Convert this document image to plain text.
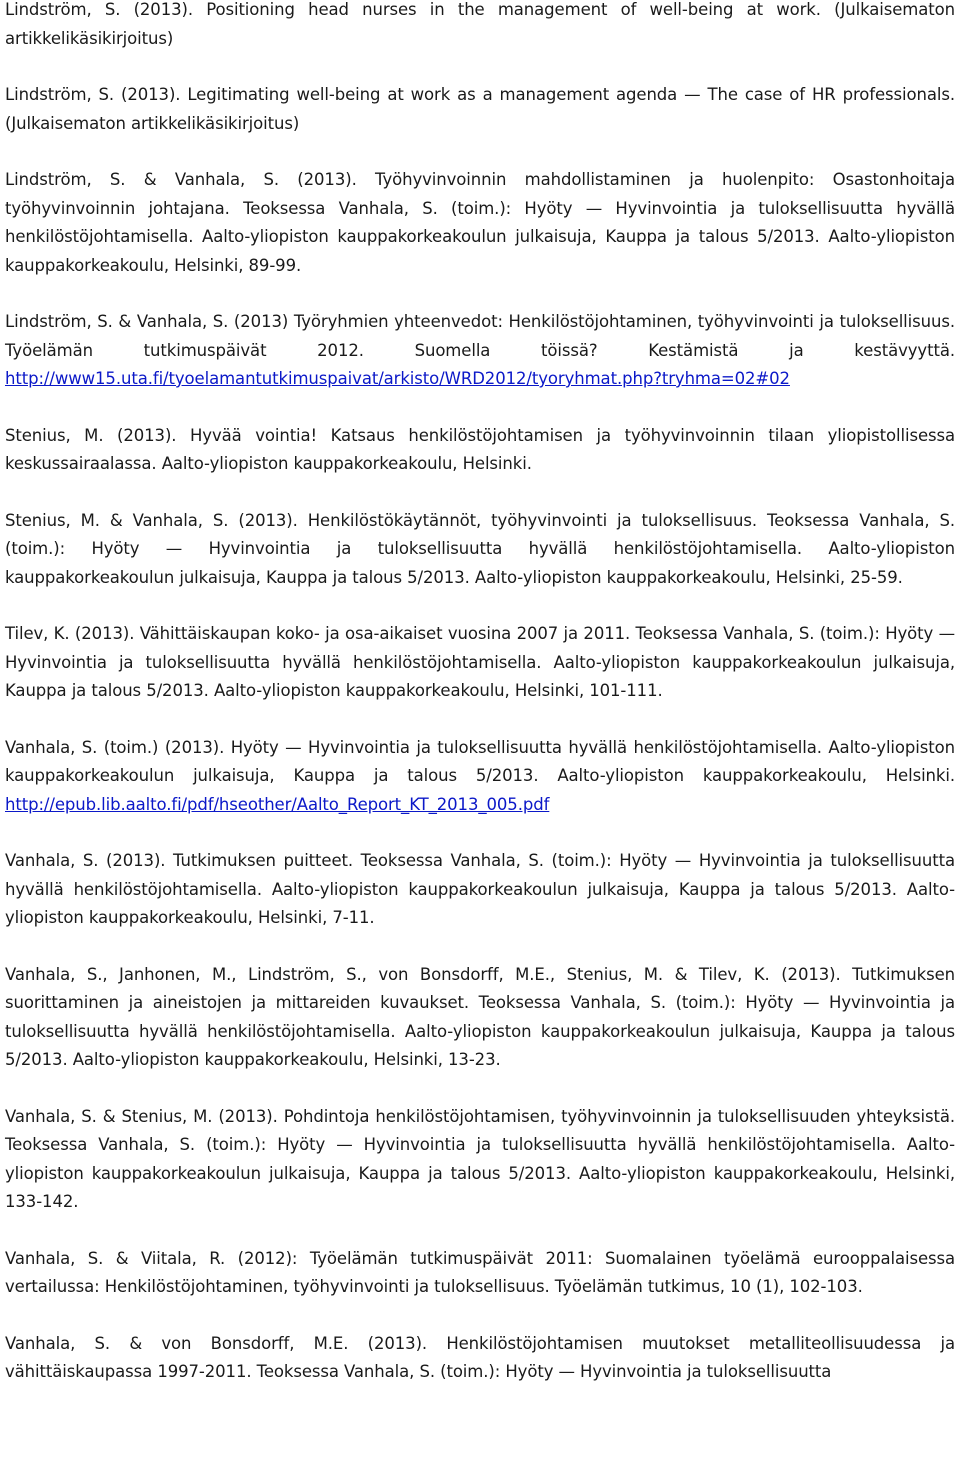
Lindström, S. (2013). Positioning head nurses in the management of well-being at work. (Julkaisematon artikkelikäsikirjoitus)

Lindström, S. (2013). Legitimating well-being at work as a management agenda — The case of HR professionals. (Julkaisematon artikkelikäsikirjoitus)

Lindström, S. & Vanhala, S. (2013). Työhyvinvoinnin mahdollistaminen ja huolenpito: Osastonhoitaja työhyvinvoinnin johtajana. Teoksessa Vanhala, S. (toim.): Hyöty — Hyvinvointia ja tuloksellisuutta hyvällä henkilöstöjohtamisella. Aalto-yliopiston kauppakorkeakoulun julkaisuja, Kauppa ja talous 5/2013. Aalto-yliopiston kauppakorkeakoulu, Helsinki, 89-99.

Lindström, S. & Vanhala, S. (2013) Työryhmien yhteenvedot: Henkilöstöjohtaminen, työhyvinvointi ja tuloksellisuus. Työelämän tutkimuspäivät 2012. Suomella töissä? Kestämistä ja kestävyyttä. http://www15.uta.fi/tyoelamantutkimuspaivat/arkisto/WRD2012/tyoryhmat.php?tryhma=02#02

Stenius, M. (2013). Hyvää vointia! Katsaus henkilöstöjohtamisen ja työhyvinvoinnin tilaan yliopistollisessa keskussairaalassa. Aalto-yliopiston kauppakorkeakoulu, Helsinki.

Stenius, M. & Vanhala, S. (2013). Henkilöstökäytännöt, työhyvinvointi ja tuloksellisuus. Teoksessa Vanhala, S. (toim.): Hyöty — Hyvinvointia ja tuloksellisuutta hyvällä henkilöstöjohtamisella. Aalto-yliopiston kauppakorkeakoulun julkaisuja, Kauppa ja talous 5/2013. Aalto-yliopiston kauppakorkeakoulu, Helsinki, 25-59.

Tilev, K. (2013). Vähittäiskaupan koko- ja osa-aikaiset vuosina 2007 ja 2011. Teoksessa Vanhala, S. (toim.): Hyöty — Hyvinvointia ja tuloksellisuutta hyvällä henkilöstöjohtamisella. Aalto-yliopiston kauppakorkeakoulun julkaisuja, Kauppa ja talous 5/2013. Aalto-yliopiston kauppakorkeakoulu, Helsinki, 101-111.

Vanhala, S. (toim.) (2013). Hyöty — Hyvinvointia ja tuloksellisuutta hyvällä henkilöstöjohtamisella. Aalto-yliopiston kauppakorkeakoulun julkaisuja, Kauppa ja talous 5/2013. Aalto-yliopiston kauppakorkeakoulu, Helsinki. http://epub.lib.aalto.fi/pdf/hseother/Aalto_Report_KT_2013_005.pdf

Vanhala, S. (2013). Tutkimuksen puitteet. Teoksessa Vanhala, S. (toim.): Hyöty — Hyvinvointia ja tuloksellisuutta hyvällä henkilöstöjohtamisella. Aalto-yliopiston kauppakorkeakoulun julkaisuja, Kauppa ja talous 5/2013. Aalto-yliopiston kauppakorkeakoulu, Helsinki, 7-11.

Vanhala, S., Janhonen, M., Lindström, S., von Bonsdorff, M.E., Stenius, M. & Tilev, K. (2013). Tutkimuksen suorittaminen ja aineistojen ja mittareiden kuvaukset. Teoksessa Vanhala, S. (toim.): Hyöty — Hyvinvointia ja tuloksellisuutta hyvällä henkilöstöjohtamisella. Aalto-yliopiston kauppakorkeakoulun julkaisuja, Kauppa ja talous 5/2013. Aalto-yliopiston kauppakorkeakoulu, Helsinki, 13-23.

Vanhala, S. & Stenius, M. (2013). Pohdintoja henkilöstöjohtamisen, työhyvinvoinnin ja tuloksellisuuden yhteyksistä. Teoksessa Vanhala, S. (toim.): Hyöty — Hyvinvointia ja tuloksellisuutta hyvällä henkilöstöjohtamisella. Aalto-yliopiston kauppakorkeakoulun julkaisuja, Kauppa ja talous 5/2013. Aalto-yliopiston kauppakorkeakoulu, Helsinki, 133-142.

Vanhala, S. & Viitala, R. (2012): Työelämän tutkimuspäivät 2011: Suomalainen työelämä eurooppalaisessa vertailussa: Henkilöstöjohtaminen, työhyvinvointi ja tuloksellisuus. Työelämän tutkimus, 10 (1), 102-103.

Vanhala, S. & von Bonsdorff, M.E. (2013). Henkilöstöjohtamisen muutokset metalliteollisuudessa ja vähittäiskaupassa 1997-2011. Teoksessa Vanhala, S. (toim.): Hyöty — Hyvinvointia ja tuloksellisuutta
